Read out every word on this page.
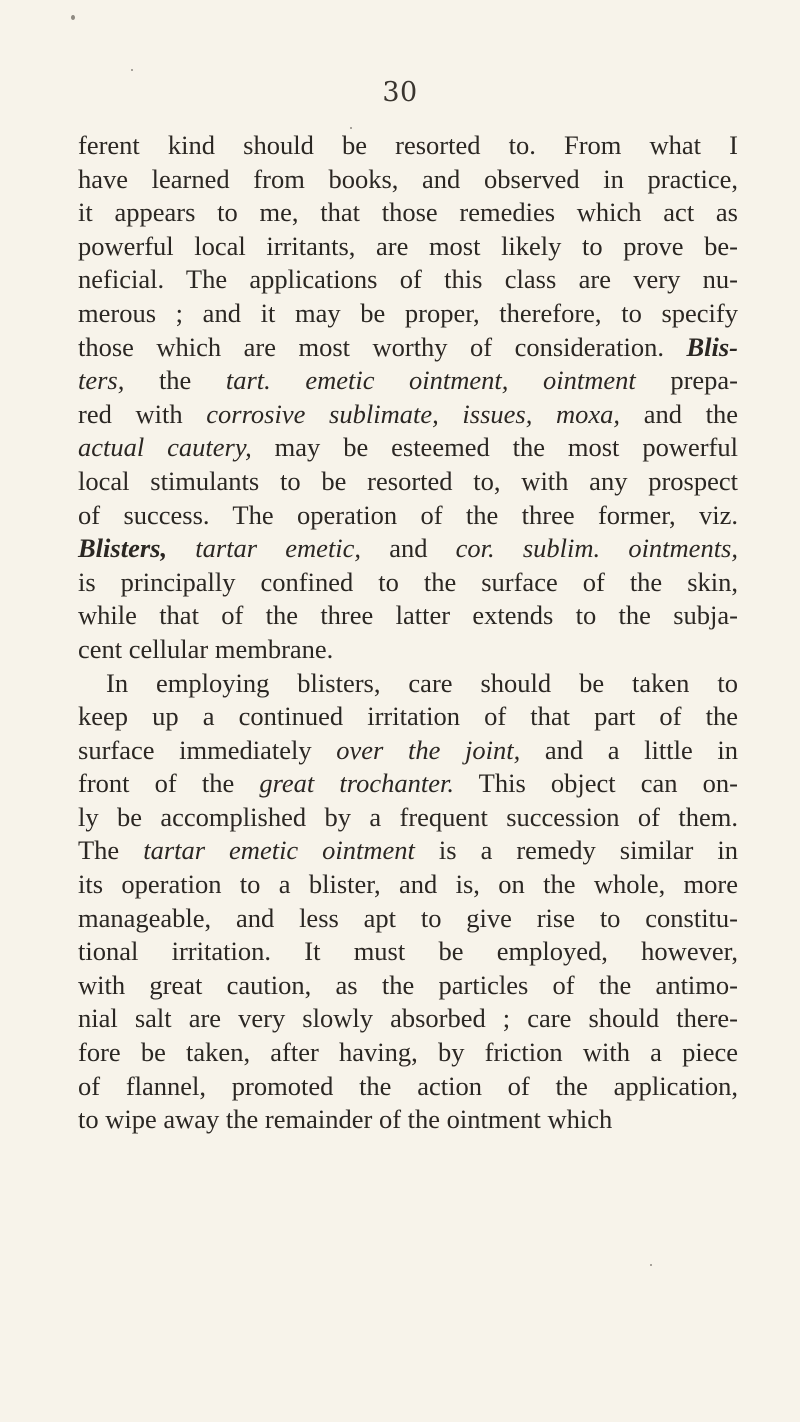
30
ferent kind should be resorted to. From what I
have learned from books, and observed in practice,
it appears to me, that those remedies which act as
powerful local irritants, are most likely to prove be-
neficial. The applications of this class are very nu-
merous ; and it may be proper, therefore, to specify
those which are most worthy of consideration. Blis-
ters, the tart. emetic ointment, ointment prepa-
red with corrosive sublimate, issues, moxa, and the
actual cautery, may be esteemed the most powerful
local stimulants to be resorted to, with any prospect
of success. The operation of the three former, viz.
Blisters, tartar emetic, and cor. sublim. ointments,
is principally confined to the surface of the skin,
while that of the three latter extends to the subja-
cent cellular membrane.
In employing blisters, care should be taken to
keep up a continued irritation of that part of the
surface immediately over the joint, and a little in
front of the great trochanter. This object can on-
ly be accomplished by a frequent succession of them.
The tartar emetic ointment is a remedy similar in
its operation to a blister, and is, on the whole, more
manageable, and less apt to give rise to constitu-
tional irritation. It must be employed, however,
with great caution, as the particles of the antimo-
nial salt are very slowly absorbed ; care should there-
fore be taken, after having, by friction with a piece
of flannel, promoted the action of the application,
to wipe away the remainder of the ointment which
